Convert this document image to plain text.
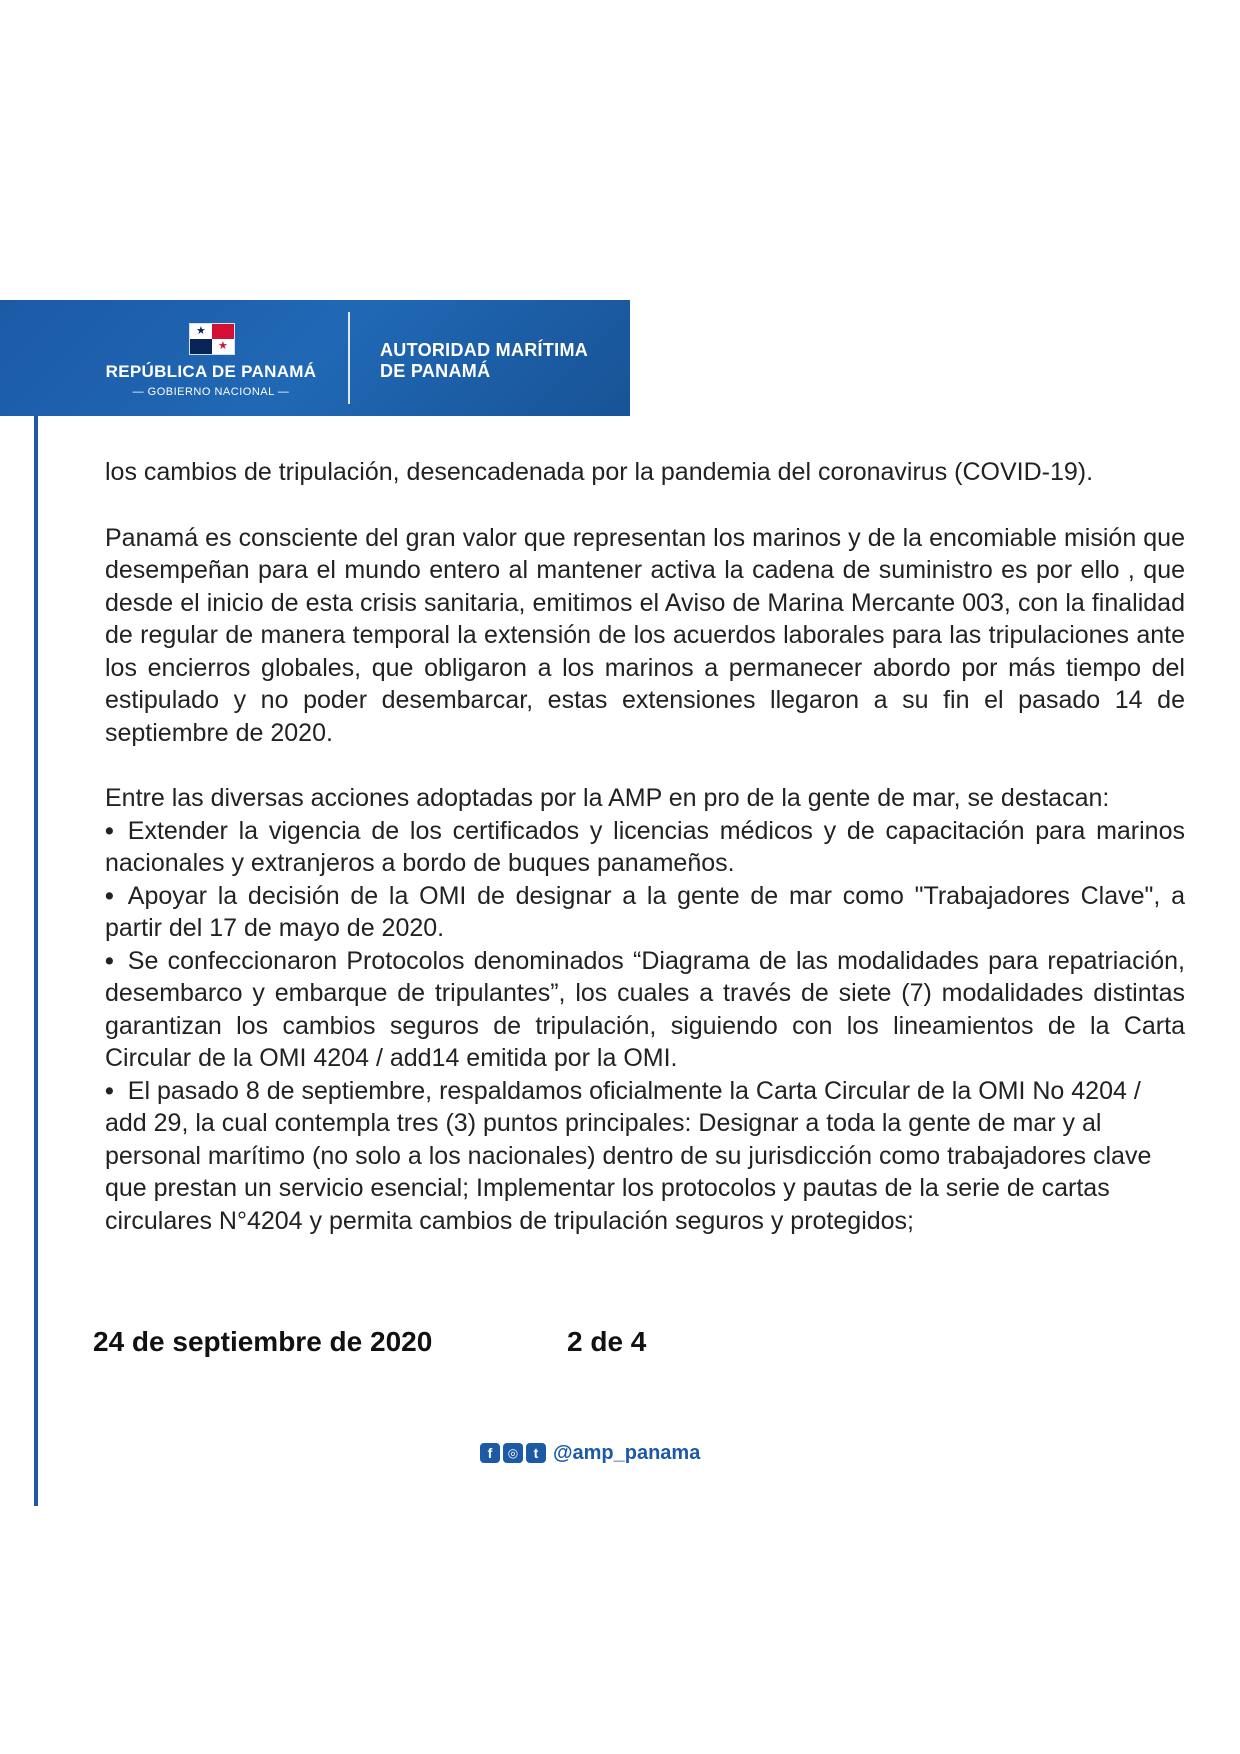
★
★
REPÚBLICA DE PANAMÁ
— GOBIERNO NACIONAL —
AUTORIDAD MARÍTIMA
DE PANAMÁ

los cambios de tripulación, desencadenada por la pandemia del coronavirus (COVID-19).

Panamá es consciente del gran valor que representan los marinos y de la encomiable misión que desempeñan para el mundo entero al mantener activa la cadena de suministro es por ello , que desde el inicio de esta crisis sanitaria, emitimos el Aviso de Marina Mercante 003, con la finalidad de regular de manera temporal la extensión de los acuerdos laborales para las tripulaciones ante los encierros globales, que obligaron a los marinos a permanecer abordo por más tiempo del estipulado y no poder desembarcar, estas extensiones llegaron a su fin el pasado 14 de septiembre de 2020.

Entre las diversas acciones adoptadas por la AMP en pro de la gente de mar, se destacan:

• Extender la vigencia de los certificados y licencias médicos y de capacitación para marinos nacionales y extranjeros a bordo de buques panameños.

• Apoyar la decisión de la OMI de designar a la gente de mar como "Trabajadores Clave", a partir del 17 de mayo de 2020.

• Se confeccionaron Protocolos denominados “Diagrama de las modalidades para repatriación, desembarco y embarque de tripulantes”, los cuales a través de siete (7) modalidades distintas garantizan los cambios seguros de tripulación, siguiendo con los lineamientos de la Carta Circular de la OMI 4204 / add14 emitida por la OMI.

• El pasado 8 de septiembre, respaldamos oficialmente la Carta Circular de la OMI No 4204 / add 29, la cual contempla tres (3) puntos principales: Designar a toda la gente de mar y al personal marítimo (no solo a los nacionales) dentro de su jurisdicción como trabajadores clave que prestan un servicio esencial; Implementar los protocolos y pautas de la serie de cartas circulares N°4204 y permita cambios de tripulación seguros y protegidos;

24 de septiembre de 2020	2 de 4
f	◎	t @amp_panama
